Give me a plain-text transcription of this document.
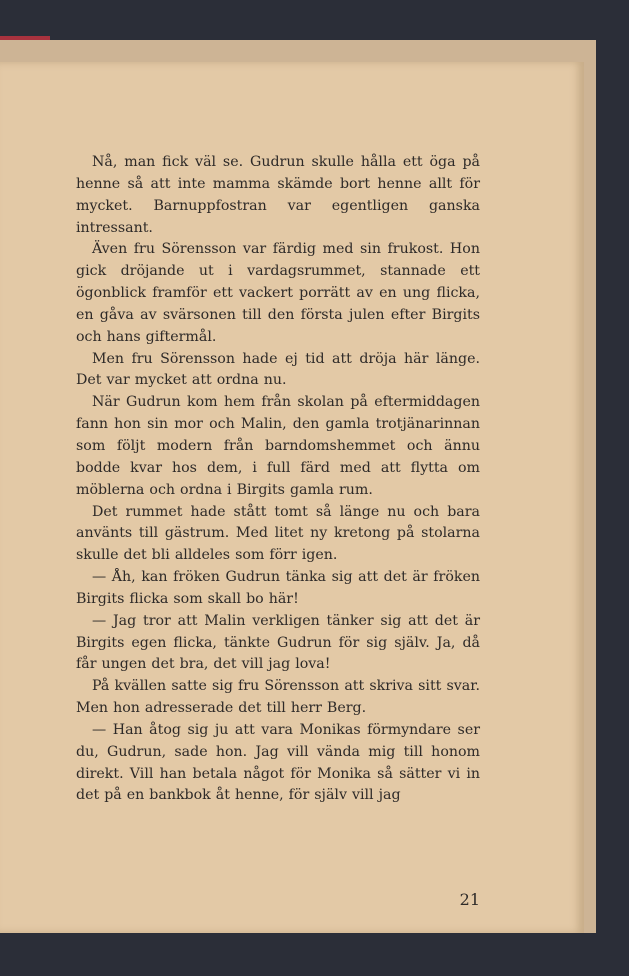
Nå, man fick väl se. Gudrun skulle hålla ett öga på henne så att inte mamma skämde bort henne allt för mycket. Barnuppfostran var egentligen ganska intressant.

Även fru Sörensson var färdig med sin frukost. Hon gick dröjande ut i vardagsrummet, stannade ett ögonblick framför ett vackert porrätt av en ung flicka, en gåva av svärsonen till den första julen efter Birgits och hans giftermål.

Men fru Sörensson hade ej tid att dröja här länge. Det var mycket att ordna nu.

När Gudrun kom hem från skolan på eftermiddagen fann hon sin mor och Malin, den gamla trotjänarinnan som följt modern från barndomshemmet och ännu bodde kvar hos dem, i full färd med att flytta om möblerna och ordna i Birgits gamla rum.

Det rummet hade stått tomt så länge nu och bara använts till gästrum. Med litet ny kretong på stolarna skulle det bli alldeles som förr igen.

— Åh, kan fröken Gudrun tänka sig att det är fröken Birgits flicka som skall bo här!

— Jag tror att Malin verkligen tänker sig att det är Birgits egen flicka, tänkte Gudrun för sig själv. Ja, då får ungen det bra, det vill jag lova!

På kvällen satte sig fru Sörensson att skriva sitt svar. Men hon adresserade det till herr Berg.

— Han åtog sig ju att vara Monikas förmyndare ser du, Gudrun, sade hon. Jag vill vända mig till honom direkt. Vill han betala något för Monika så sätter vi in det på en bankbok åt henne, för själv vill jag

21
